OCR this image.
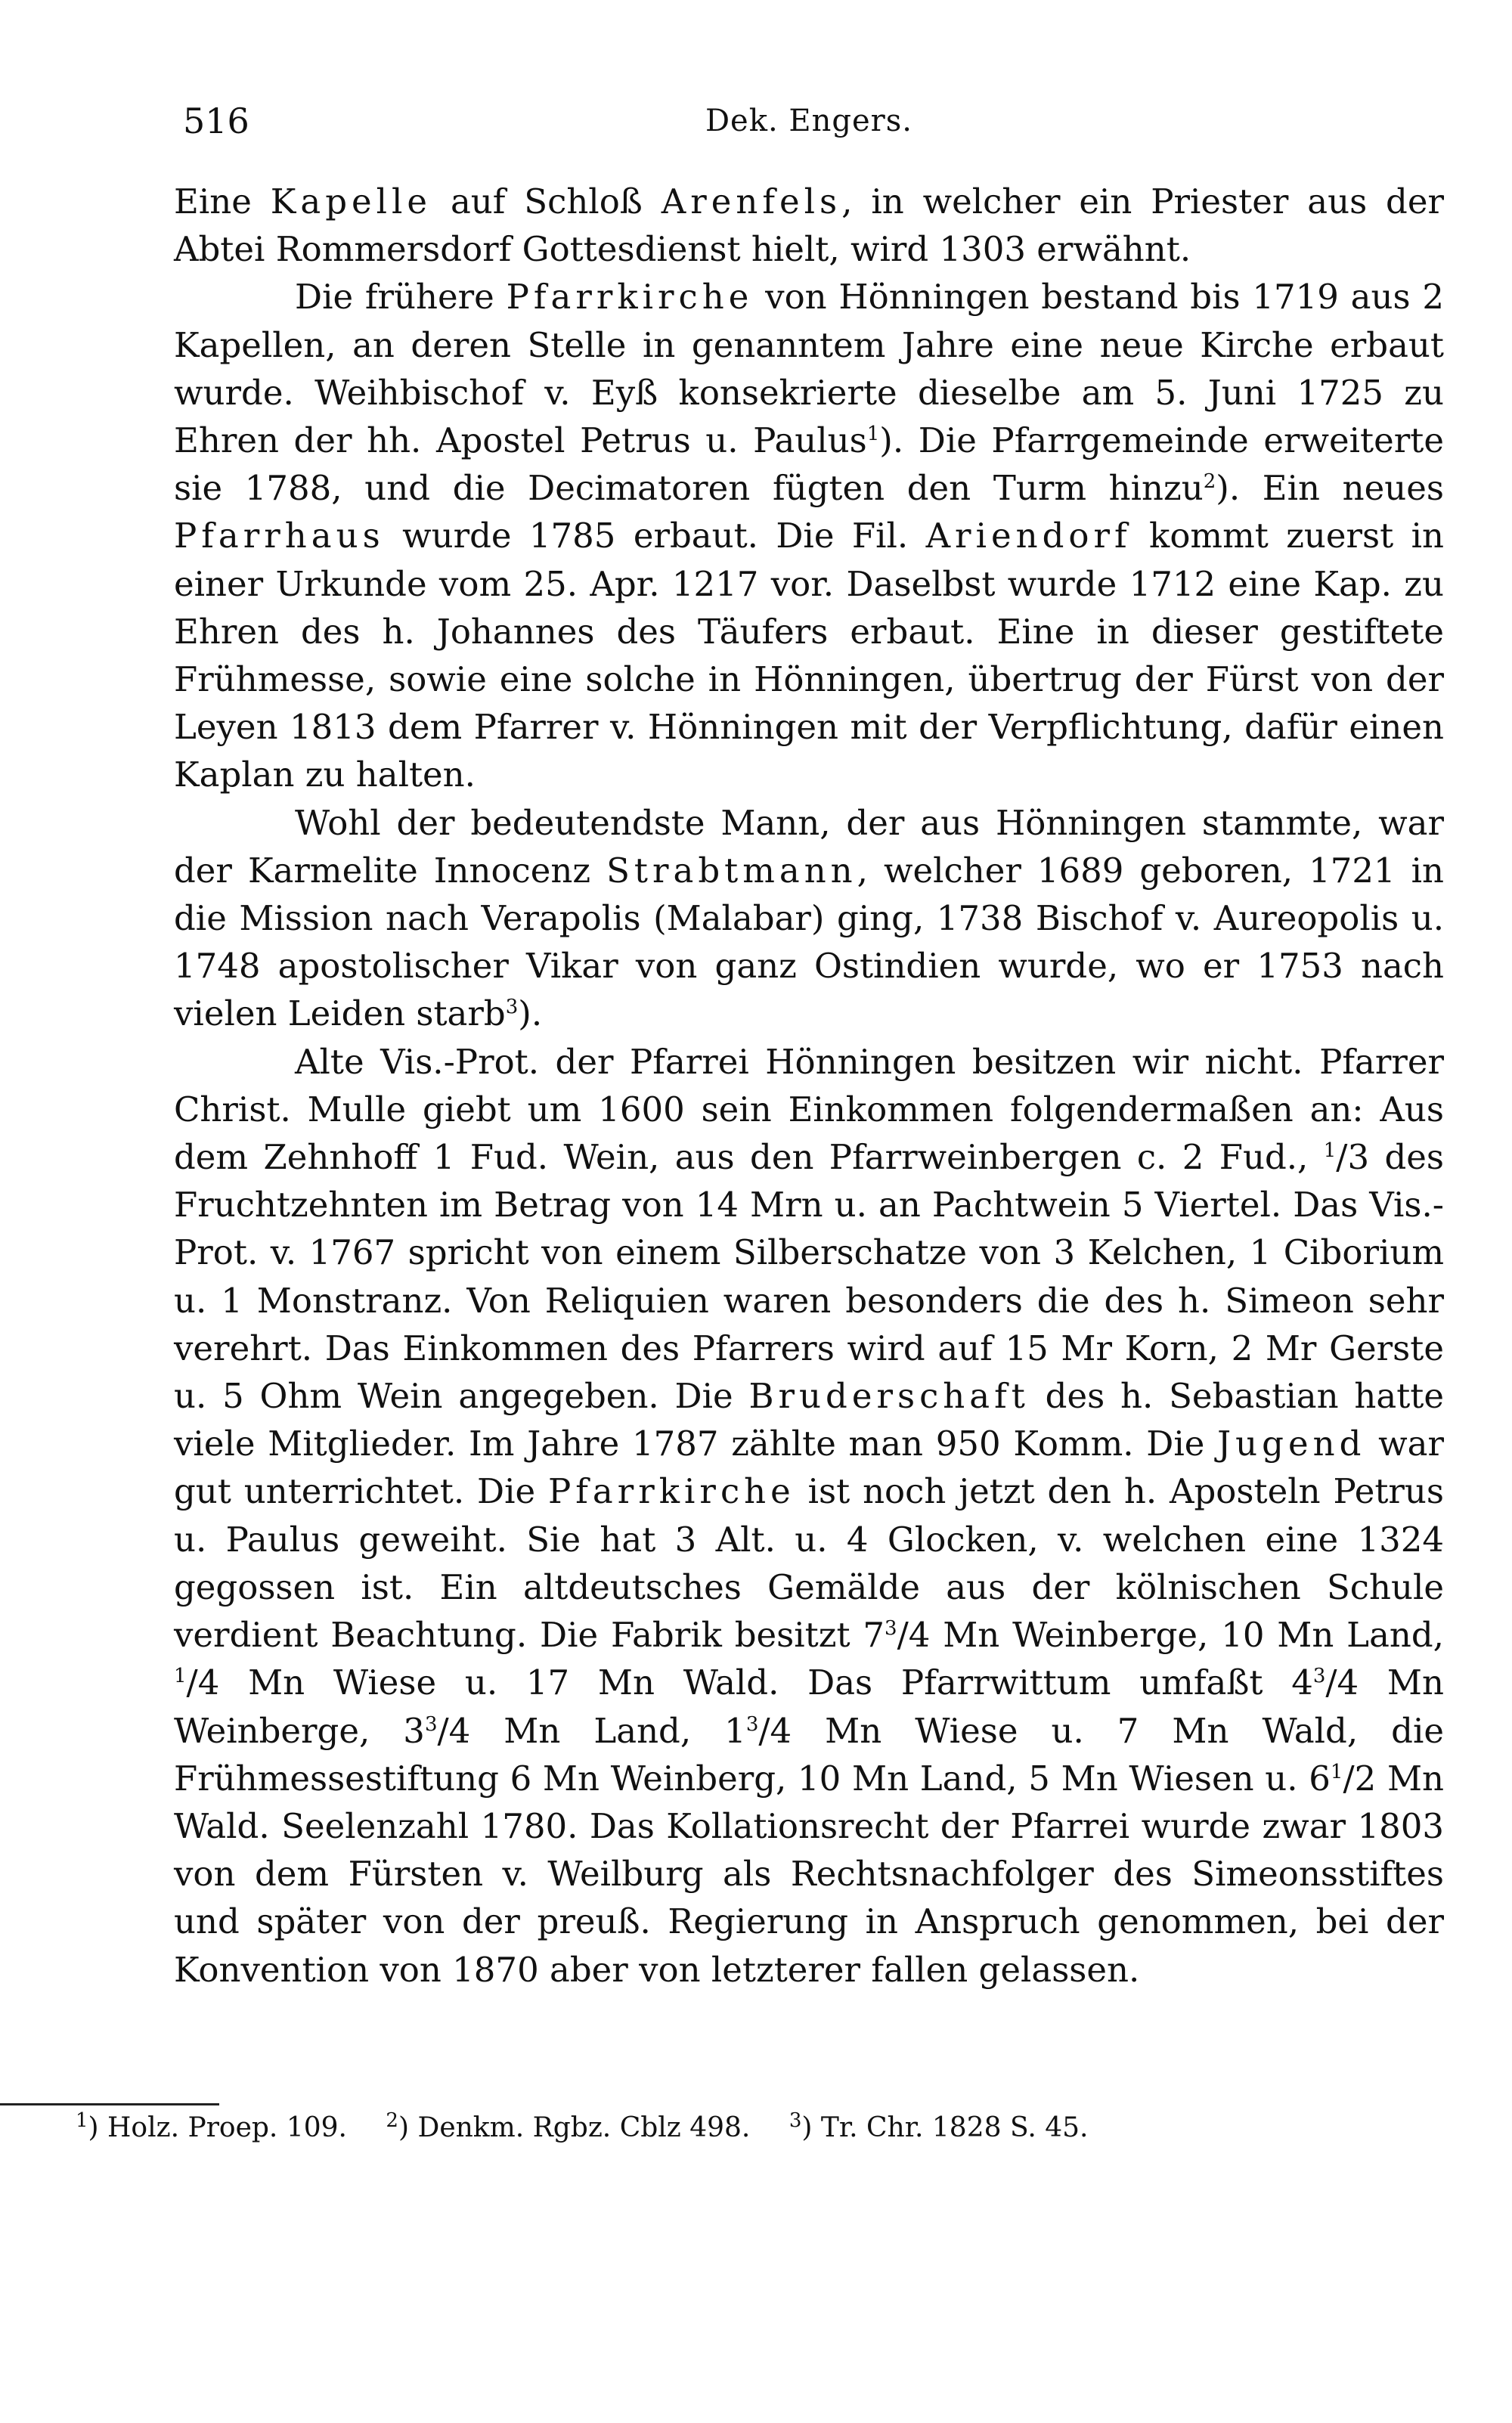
516	Dek. Engers.

Eine Kapelle auf Schloß Arenfels, in welcher ein Priester aus der Abtei Rommersdorf Gottesdienst hielt, wird 1303 erwähnt.

Die frühere Pfarrkirche von Hönningen bestand bis 1719 aus 2 Kapellen, an deren Stelle in genanntem Jahre eine neue Kirche erbaut wurde. Weihbischof v. Eyß konsekrierte dieselbe am 5. Juni 1725 zu Ehren der hh. Apostel Petrus u. Paulus$^1$). Die Pfarrgemeinde erweiterte sie 1788, und die Decimatoren fügten den Turm hinzu$^2$). Ein neues Pfarrhaus wurde 1785 erbaut. Die Fil. Ariendorf kommt zuerst in einer Urkunde vom 25. Apr. 1217 vor. Daselbst wurde 1712 eine Kap. zu Ehren des h. Johannes des Täufers erbaut. Eine in dieser gestiftete Frühmesse, sowie eine solche in Hönningen, übertrug der Fürst von der Leyen 1813 dem Pfarrer v. Hönningen mit der Verpflichtung, dafür einen Kaplan zu halten.

Wohl der bedeutendste Mann, der aus Hönningen stammte, war der Karmelite Innocenz Strabtmann, welcher 1689 geboren, 1721 in die Mission nach Verapolis (Malabar) ging, 1738 Bischof v. Aureopolis u. 1748 apostolischer Vikar von ganz Ostindien wurde, wo er 1753 nach vielen Leiden starb$^3$).

Alte Vis.-Prot. der Pfarrei Hönningen besitzen wir nicht. Pfarrer Christ. Mulle giebt um 1600 sein Einkommen folgendermaßen an: Aus dem Zehnhoff 1 Fud. Wein, aus den Pfarrweinbergen c. 2 Fud., $^1$/3 des Fruchtzehnten im Betrag von 14 Mrn u. an Pachtwein 5 Viertel. Das Vis.-Prot. v. 1767 spricht von einem Silberschatze von 3 Kelchen, 1 Ciborium u. 1 Monstranz. Von Reliquien waren besonders die des h. Simeon sehr verehrt. Das Einkommen des Pfarrers wird auf 15 Mr Korn, 2 Mr Gerste u. 5 Ohm Wein angegeben. Die Bruderschaft des h. Sebastian hatte viele Mitglieder. Im Jahre 1787 zählte man 950 Komm. Die Jugend war gut unterrichtet. Die Pfarrkirche ist noch jetzt den h. Aposteln Petrus u. Paulus geweiht. Sie hat 3 Alt. u. 4 Glocken, v. welchen eine 1324 gegossen ist. Ein altdeutsches Gemälde aus der kölnischen Schule verdient Beachtung. Die Fabrik besitzt $7^3/4$ Mn Weinberge, 10 Mn Land, $^1$/4 Mn Wiese u. 17 Mn Wald. Das Pfarrwittum umfaßt $4^3/4$ Mn Weinberge, $3^3/4$ Mn Land, $1^3/4$ Mn Wiese u. 7 Mn Wald, die Frühmessestiftung 6 Mn Weinberg, 10 Mn Land, 5 Mn Wiesen u. $6^1/2$ Mn Wald. Seelenzahl 1780. Das Kollationsrecht der Pfarrei wurde zwar 1803 von dem Fürsten v. Weilburg als Rechtsnachfolger des Simeonsstiftes und später von der preuß. Regierung in Anspruch genommen, bei der Konvention von 1870 aber von letzterer fallen gelassen.

$^1$) Holz. Proep. 109. $^2$) Denkm. Rgbz. Cblz 498. $^3$) Tr. Chr. 1828 S. 45.
